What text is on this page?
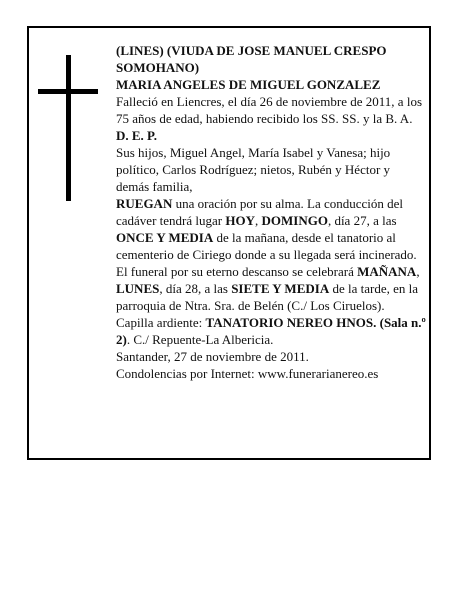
(LINES) (VIUDA DE JOSE MANUEL CRESPO SOMOHANO)

MARIA ANGELES DE MIGUEL GONZALEZ

Falleció en Liencres, el día 26 de noviembre de 2011, a los 75 años de edad, habiendo recibido los SS. SS. y la B. A.

D. E. P.

Sus hijos, Miguel Angel, María Isabel y Vanesa; hijo político, Carlos Rodríguez; nietos, Rubén y Héctor y demás familia,

RUEGAN una oración por su alma. La conducción del cadáver tendrá lugar HOY, DOMINGO, día 27, a las ONCE Y MEDIA de la mañana, desde el tanatorio al cementerio de Ciriego donde a su llegada será incinerado. El funeral por su eterno descanso se celebrará MAÑANA, LUNES, día 28, a las SIETE Y MEDIA de la tarde, en la parroquia de Ntra. Sra. de Belén (C./ Los Ciruelos).

Capilla ardiente: TANATORIO NEREO HNOS. (Sala n.º 2). C./ Repuente-La Albericia.

Santander, 27 de noviembre de 2011.

Condolencias por Internet: www.funerarianereo.es
